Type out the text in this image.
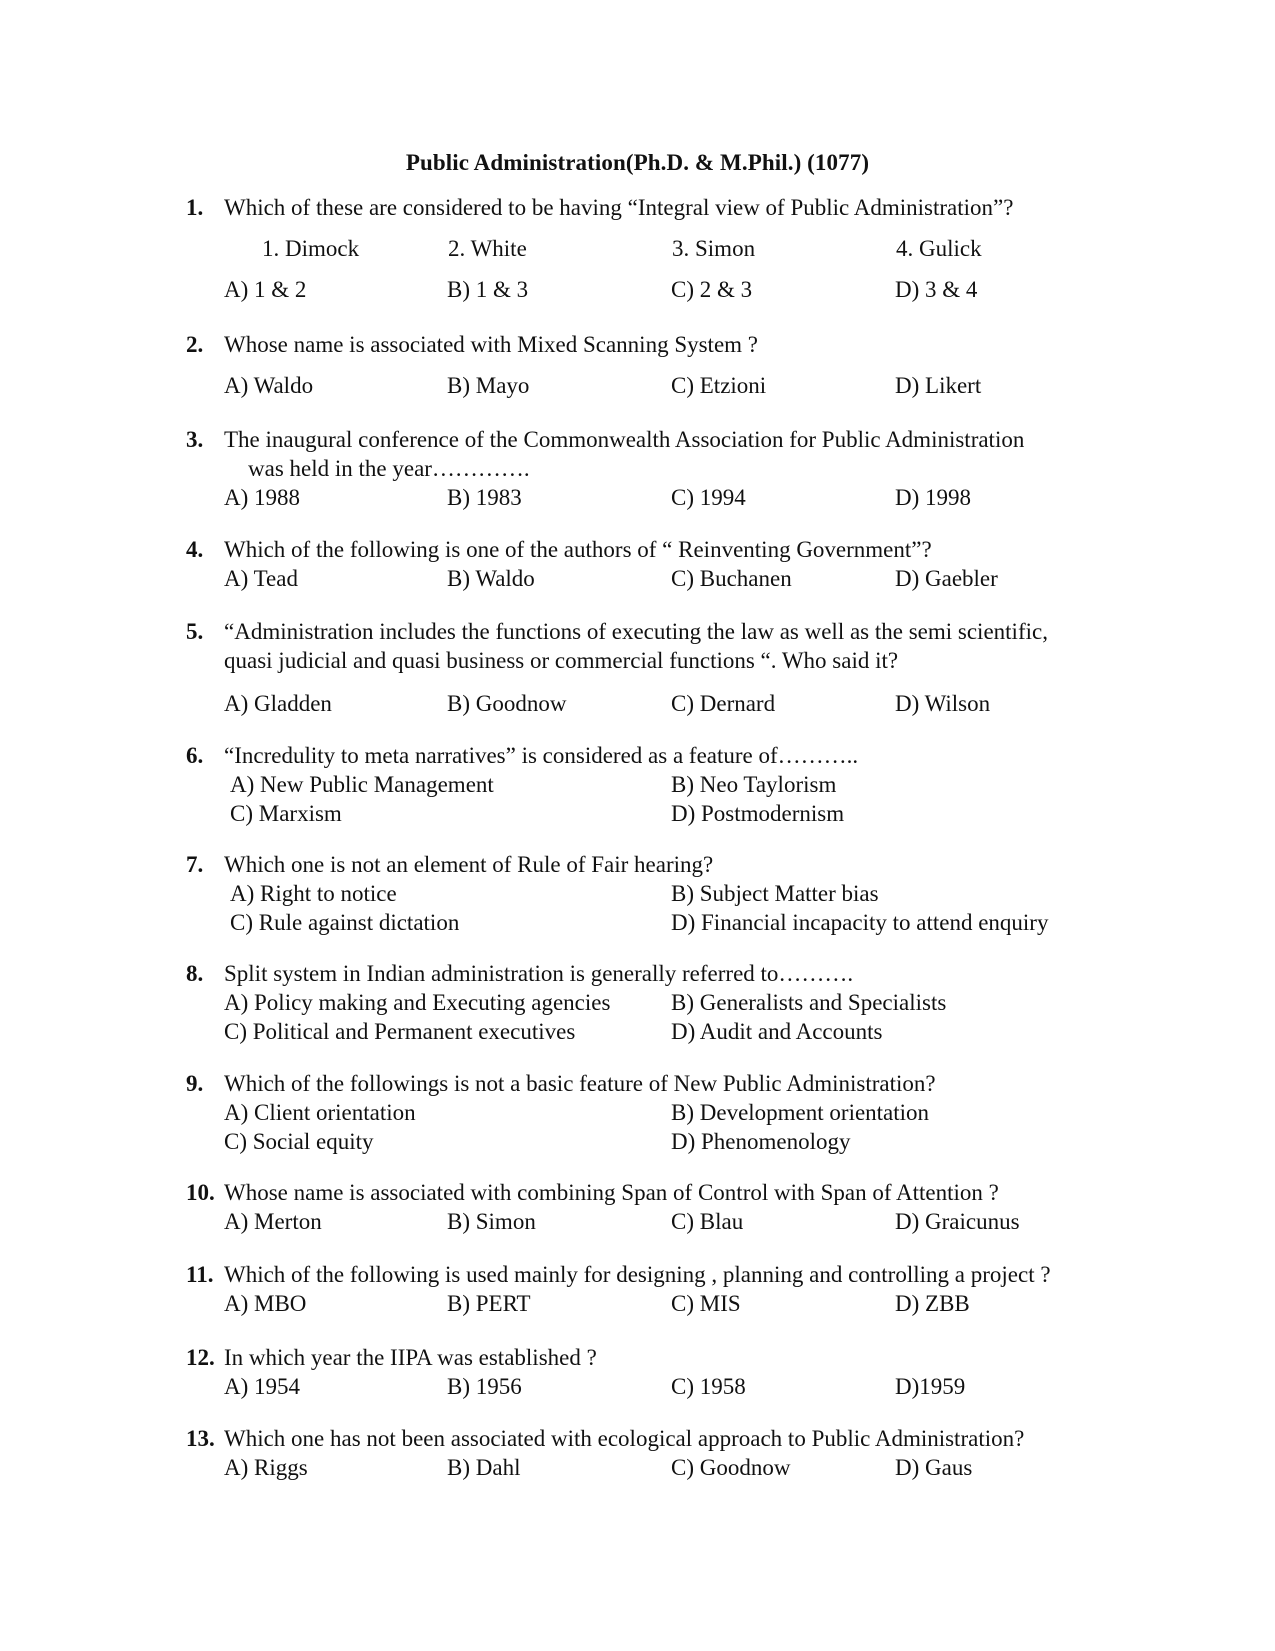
Public Administration(Ph.D. & M.Phil.) (1077)
1. Which of these are considered to be having “Integral view of Public Administration”?
1. Dimock	2. White	3. Simon	4. Gulick
A) 1 & 2	B) 1 & 3	C) 2 & 3	D) 3 & 4
2. Whose name is associated with Mixed Scanning System ?
A) Waldo	B) Mayo	C) Etzioni	D) Likert
3. The inaugural conference of the Commonwealth Association for Public Administration
was held in the year………….
A) 1988	B) 1983	C) 1994	D) 1998
4. Which of the following is one of the authors of “ Reinventing Government”?
A) Tead	B) Waldo	C) Buchanen	D) Gaebler
5. “Administration includes the functions of executing the law as well as the semi scientific,
quasi judicial and quasi business or commercial functions “. Who said it?
A) Gladden	B) Goodnow	C) Dernard	D) Wilson
6. “Incredulity to meta narratives” is considered as a feature of………..
A) New Public Management	B) Neo Taylorism
C) Marxism	D) Postmodernism
7. Which one is not an element of Rule of Fair hearing?
A) Right to notice	B) Subject Matter bias
C) Rule against dictation	D) Financial incapacity to attend enquiry
8. Split system in Indian administration is generally referred to……….
A) Policy making and Executing agencies	B) Generalists and Specialists
C) Political and Permanent executives	D) Audit and Accounts
9. Which of the followings is not a basic feature of New Public Administration?
A) Client orientation	B) Development orientation
C) Social equity	D) Phenomenology
10. Whose name is associated with combining Span of Control with Span of Attention ?
A) Merton	B) Simon	C) Blau	D) Graicunus
11. Which of the following is used mainly for designing , planning and controlling a project ?
A) MBO	B) PERT	C) MIS	D) ZBB
12. In which year the IIPA was established ?
A) 1954	B) 1956	C) 1958	D)1959
13. Which one has not been associated with ecological approach to Public Administration?
A) Riggs	B) Dahl	C) Goodnow	D) Gaus
